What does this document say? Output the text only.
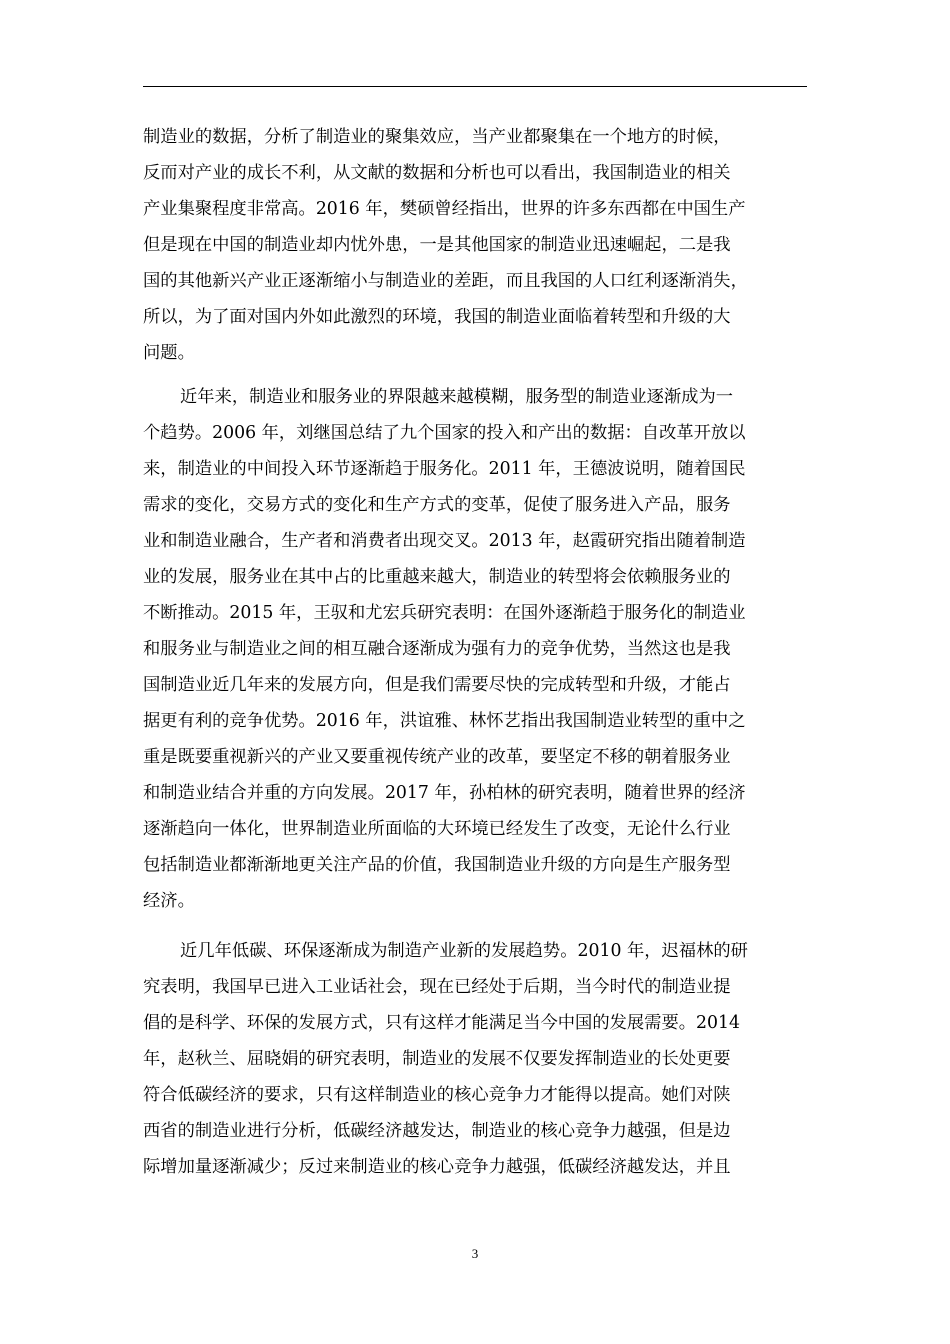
制造业的数据，分析了制造业的聚集效应，当产业都聚集在一个地方的时候，
反而对产业的成长不利，从文献的数据和分析也可以看出，我国制造业的相关
产业集聚程度非常高。2016 年，樊硕曾经指出，世界的许多东西都在中国生产
但是现在中国的制造业却内忧外患，一是其他国家的制造业迅速崛起，二是我
国的其他新兴产业正逐渐缩小与制造业的差距，而且我国的人口红利逐渐消失，
所以，为了面对国内外如此激烈的环境，我国的制造业面临着转型和升级的大
问题。
近年来，制造业和服务业的界限越来越模糊，服务型的制造业逐渐成为一
个趋势。2006 年，刘继国总结了九个国家的投入和产出的数据：自改革开放以
来，制造业的中间投入环节逐渐趋于服务化。2011 年，王德波说明，随着国民
需求的变化，交易方式的变化和生产方式的变革，促使了服务进入产品，服务
业和制造业融合，生产者和消费者出现交叉。2013 年，赵霞研究指出随着制造
业的发展，服务业在其中占的比重越来越大，制造业的转型将会依赖服务业的
不断推动。2015 年，王驭和尤宏兵研究表明：在国外逐渐趋于服务化的制造业
和服务业与制造业之间的相互融合逐渐成为强有力的竞争优势，当然这也是我
国制造业近几年来的发展方向，但是我们需要尽快的完成转型和升级，才能占
据更有利的竞争优势。2016 年，洪谊雅、林怀艺指出我国制造业转型的重中之
重是既要重视新兴的产业又要重视传统产业的改革，要坚定不移的朝着服务业
和制造业结合并重的方向发展。2017 年，孙柏林的研究表明，随着世界的经济
逐渐趋向一体化，世界制造业所面临的大环境已经发生了改变，无论什么行业
包括制造业都渐渐地更关注产品的价值，我国制造业升级的方向是生产服务型
经济。
近几年低碳、环保逐渐成为制造产业新的发展趋势。2010 年，迟福林的研
究表明，我国早已进入工业话社会，现在已经处于后期，当今时代的制造业提
倡的是科学、环保的发展方式，只有这样才能满足当今中国的发展需要。2014
年，赵秋兰、屈晓娟的研究表明，制造业的发展不仅要发挥制造业的长处更要
符合低碳经济的要求，只有这样制造业的核心竞争力才能得以提高。她们对陕
西省的制造业进行分析，低碳经济越发达，制造业的核心竞争力越强，但是边
际增加量逐渐减少；反过来制造业的核心竞争力越强，低碳经济越发达，并且
3
